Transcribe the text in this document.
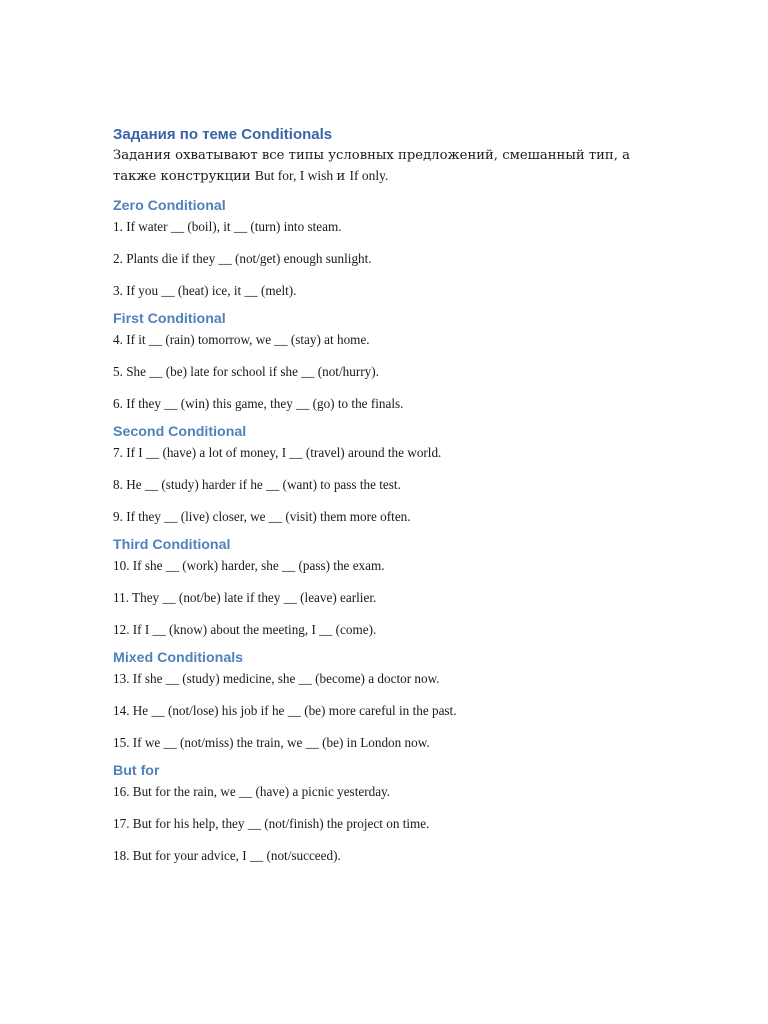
Задания по теме Conditionals

Задания охватывают все типы условных предложений, смешанный тип, а
также конструкции But for, I wish и If only.

Zero Conditional
1. If water __ (boil), it __ (turn) into steam.
2. Plants die if they __ (not/get) enough sunlight.
3. If you __ (heat) ice, it __ (melt).
First Conditional
4. If it __ (rain) tomorrow, we __ (stay) at home.
5. She __ (be) late for school if she __ (not/hurry).
6. If they __ (win) this game, they __ (go) to the finals.
Second Conditional
7. If I __ (have) a lot of money, I __ (travel) around the world.
8. He __ (study) harder if he __ (want) to pass the test.
9. If they __ (live) closer, we __ (visit) them more often.
Third Conditional
10. If she __ (work) harder, she __ (pass) the exam.
11. They __ (not/be) late if they __ (leave) earlier.
12. If I __ (know) about the meeting, I __ (come).
Mixed Conditionals
13. If she __ (study) medicine, she __ (become) a doctor now.
14. He __ (not/lose) his job if he __ (be) more careful in the past.
15. If we __ (not/miss) the train, we __ (be) in London now.
But for
16. But for the rain, we __ (have) a picnic yesterday.
17. But for his help, they __ (not/finish) the project on time.
18. But for your advice, I __ (not/succeed).
